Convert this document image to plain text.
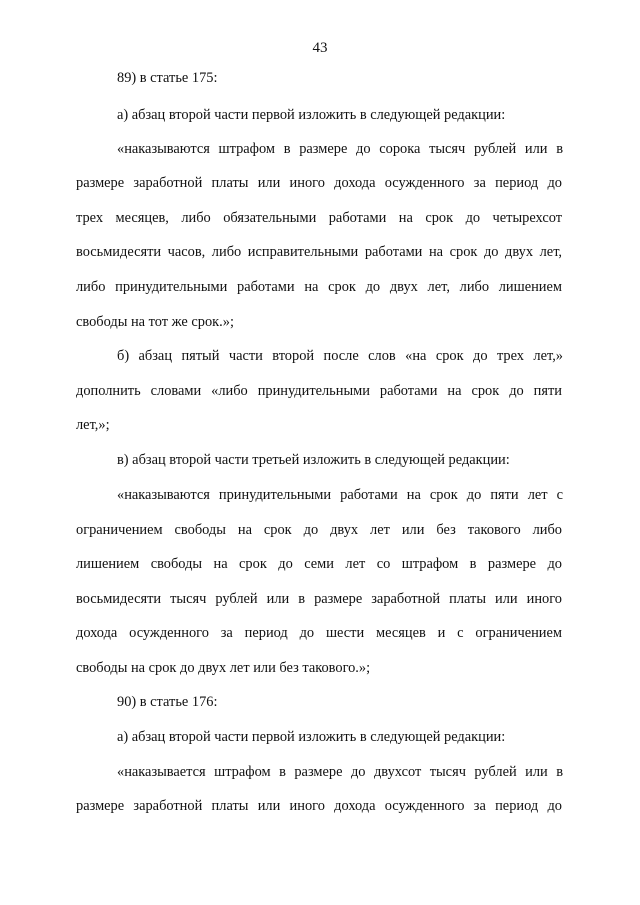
43
89) в статье 175:
а) абзац второй части первой изложить в следующей редакции:
«наказываются штрафом в размере до сорока тысяч рублей или в
размере заработной платы или иного дохода осужденного за период до
трех месяцев, либо обязательными работами на срок до четырехсот
восьмидесяти часов, либо исправительными работами на срок до двух лет,
либо принудительными работами на срок до двух лет, либо лишением
свободы на тот же срок.»;
б) абзац пятый части второй после слов «на срок до трех лет,»
дополнить словами «либо принудительными работами на срок до пяти
лет,»;
в) абзац второй части третьей изложить в следующей редакции:
«наказываются принудительными работами на срок до пяти лет с
ограничением свободы на срок до двух лет или без такового либо
лишением свободы на срок до семи лет со штрафом в размере до
восьмидесяти тысяч рублей или в размере заработной платы или иного
дохода осужденного за период до шести месяцев и с ограничением
свободы на срок до двух лет или без такового.»;
90) в статье 176:
а) абзац второй части первой изложить в следующей редакции:
«наказывается штрафом в размере до двухсот тысяч рублей или в
размере заработной платы или иного дохода осужденного за период до
